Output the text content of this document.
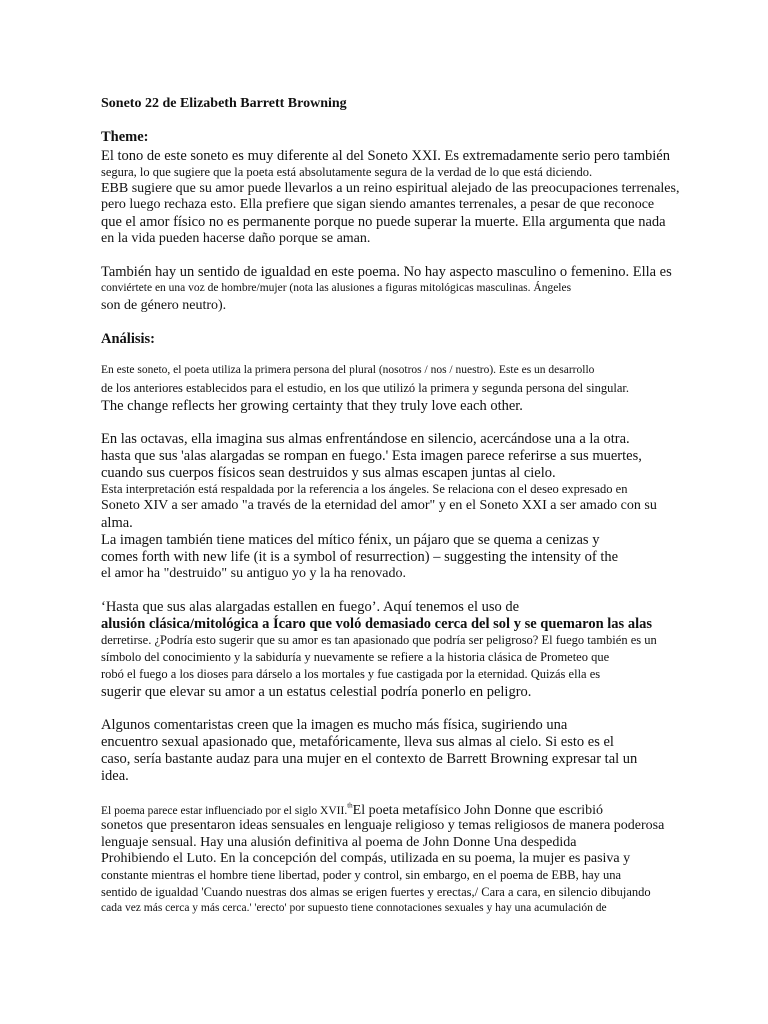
Soneto 22 de Elizabeth Barrett Browning
Theme:
El tono de este soneto es muy diferente al del Soneto XXI. Es extremadamente serio pero también
segura, lo que sugiere que la poeta está absolutamente segura de la verdad de lo que está diciendo.
EBB sugiere que su amor puede llevarlos a un reino espiritual alejado de las preocupaciones terrenales,
pero luego rechaza esto. Ella prefiere que sigan siendo amantes terrenales, a pesar de que reconoce
que el amor físico no es permanente porque no puede superar la muerte. Ella argumenta que nada
en la vida pueden hacerse daño porque se aman.
También hay un sentido de igualdad en este poema. No hay aspecto masculino o femenino. Ella es
conviértete en una voz de hombre/mujer (nota las alusiones a figuras mitológicas masculinas. Ángeles
son de género neutro).
Análisis:
En este soneto, el poeta utiliza la primera persona del plural (nosotros / nos / nuestro). Este es un desarrollo
de los anteriores establecidos para el estudio, en los que utilizó la primera y segunda persona del singular.
The change reflects her growing certainty that they truly love each other.
En las octavas, ella imagina sus almas enfrentándose en silencio, acercándose una a la otra.
hasta que sus 'alas alargadas se rompan en fuego.' Esta imagen parece referirse a sus muertes,
cuando sus cuerpos físicos sean destruidos y sus almas escapen juntas al cielo.
Esta interpretación está respaldada por la referencia a los ángeles. Se relaciona con el deseo expresado en
Soneto XIV a ser amado "a través de la eternidad del amor" y en el Soneto XXI a ser amado con su
alma.
La imagen también tiene matices del mítico fénix, un pájaro que se quema a cenizas y
comes forth with new life (it is a symbol of resurrection) – suggesting the intensity of the
el amor ha "destruido" su antiguo yo y la ha renovado.
‘Hasta que sus alas alargadas estallen en fuego’. Aquí tenemos el uso de
alusión clásica/mitológica a Ícaro que voló demasiado cerca del sol y se quemaron las alas
derretirse. ¿Podría esto sugerir que su amor es tan apasionado que podría ser peligroso? El fuego también es un
símbolo del conocimiento y la sabiduría y nuevamente se refiere a la historia clásica de Prometeo que
robó el fuego a los dioses para dárselo a los mortales y fue castigada por la eternidad. Quizás ella es
sugerir que elevar su amor a un estatus celestial podría ponerlo en peligro.
Algunos comentaristas creen que la imagen es mucho más física, sugiriendo una
encuentro sexual apasionado que, metafóricamente, lleva sus almas al cielo. Si esto es el
caso, sería bastante audaz para una mujer en el contexto de Barrett Browning expresar tal un
idea.
El poema parece estar influenciado por el siglo XVII.$^{th}$El poeta metafísico John Donne que escribió
sonetos que presentaron ideas sensuales en lenguaje religioso y temas religiosos de manera poderosa
lenguaje sensual. Hay una alusión definitiva al poema de John Donne Una despedida
Prohibiendo el Luto. En la concepción del compás, utilizada en su poema, la mujer es pasiva y
constante mientras el hombre tiene libertad, poder y control, sin embargo, en el poema de EBB, hay una
sentido de igualdad 'Cuando nuestras dos almas se erigen fuertes y erectas,/ Cara a cara, en silencio dibujando
cada vez más cerca y más cerca.' 'erecto' por supuesto tiene connotaciones sexuales y hay una acumulación de
